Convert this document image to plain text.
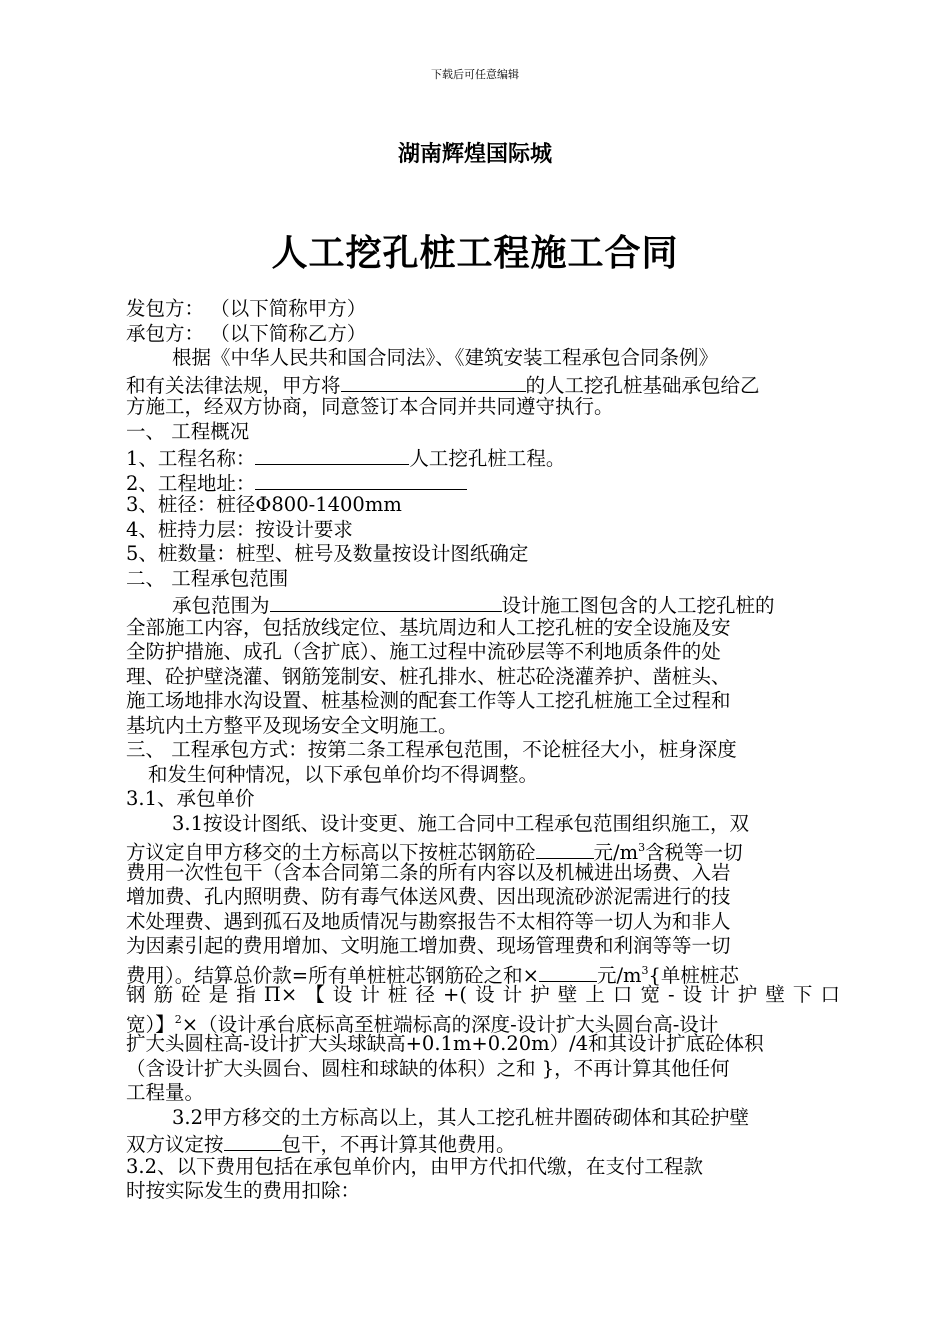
下载后可任意编辑
湖南辉煌国际城
人工挖孔桩工程施工合同
发包方： （以下简称甲方）
承包方： （以下简称乙方）
根据《中华人民共和国合同法》、《建筑安装工程承包合同条例》
和有关法律法规，甲方将	的人工挖孔桩基础承包给乙
方施工，经双方协商，同意签订本合同并共同遵守执行。
一、 工程概况
1、工程名称：	人工挖孔桩工程。
2、工程地址：
3、桩径：桩径Φ800-1400mm
4、桩持力层：按设计要求
5、桩数量：桩型、桩号及数量按设计图纸确定
二、 工程承包范围
承包范围为	设计施工图包含的人工挖孔桩的
全部施工内容，包括放线定位、基坑周边和人工挖孔桩的安全设施及安
全防护措施、成孔（含扩底）、施工过程中流砂层等不利地质条件的处
理、砼护壁浇灌、钢筋笼制安、桩孔排水、桩芯砼浇灌养护、凿桩头、
施工场地排水沟设置、桩基检测的配套工作等人工挖孔桩施工全过程和
基坑内土方整平及现场安全文明施工。
三、 工程承包方式：按第二条工程承包范围，不论桩径大小，桩身深度
和发生何种情况，以下承包单价均不得调整。
3.1、承包单价
3.1按设计图纸、设计变更、施工合同中工程承包范围组织施工，双
方议定自甲方移交的土方标高以下按桩芯钢筋砼	元$/m^3$含税等一切
费用一次性包干（含本合同第二条的所有内容以及机械进出场费、入岩
增加费、孔内照明费、防有毒气体送风费、因出现流砂淤泥需进行的技
术处理费、遇到孤石及地质情况与勘察报告不太相符等一切人为和非人
为因素引起的费用增加、文明施工增加费、现场管理费和利润等等一切
费用）。结算总价款=所有单桩桩芯钢筋砼之和×	元$/m^3${单桩桩芯
钢筋砼是指Π×【设计桩径+(设计护壁上口宽-设计护壁下口
宽）】$^2$×（设计承台底标高至桩端标高的深度-设计扩大头圆台高-设计
扩大头圆柱高-设计扩大头球缺高+0.1m+0.20m）/4和其设计扩底砼体积
（含设计扩大头圆台、圆柱和球缺的体积）之和 }，不再计算其他任何
工程量。
3.2甲方移交的土方标高以上，其人工挖孔桩井圈砖砌体和其砼护壁
双方议定按	包干，不再计算其他费用。
3.2、以下费用包括在承包单价内，由甲方代扣代缴，在支付工程款
时按实际发生的费用扣除：
